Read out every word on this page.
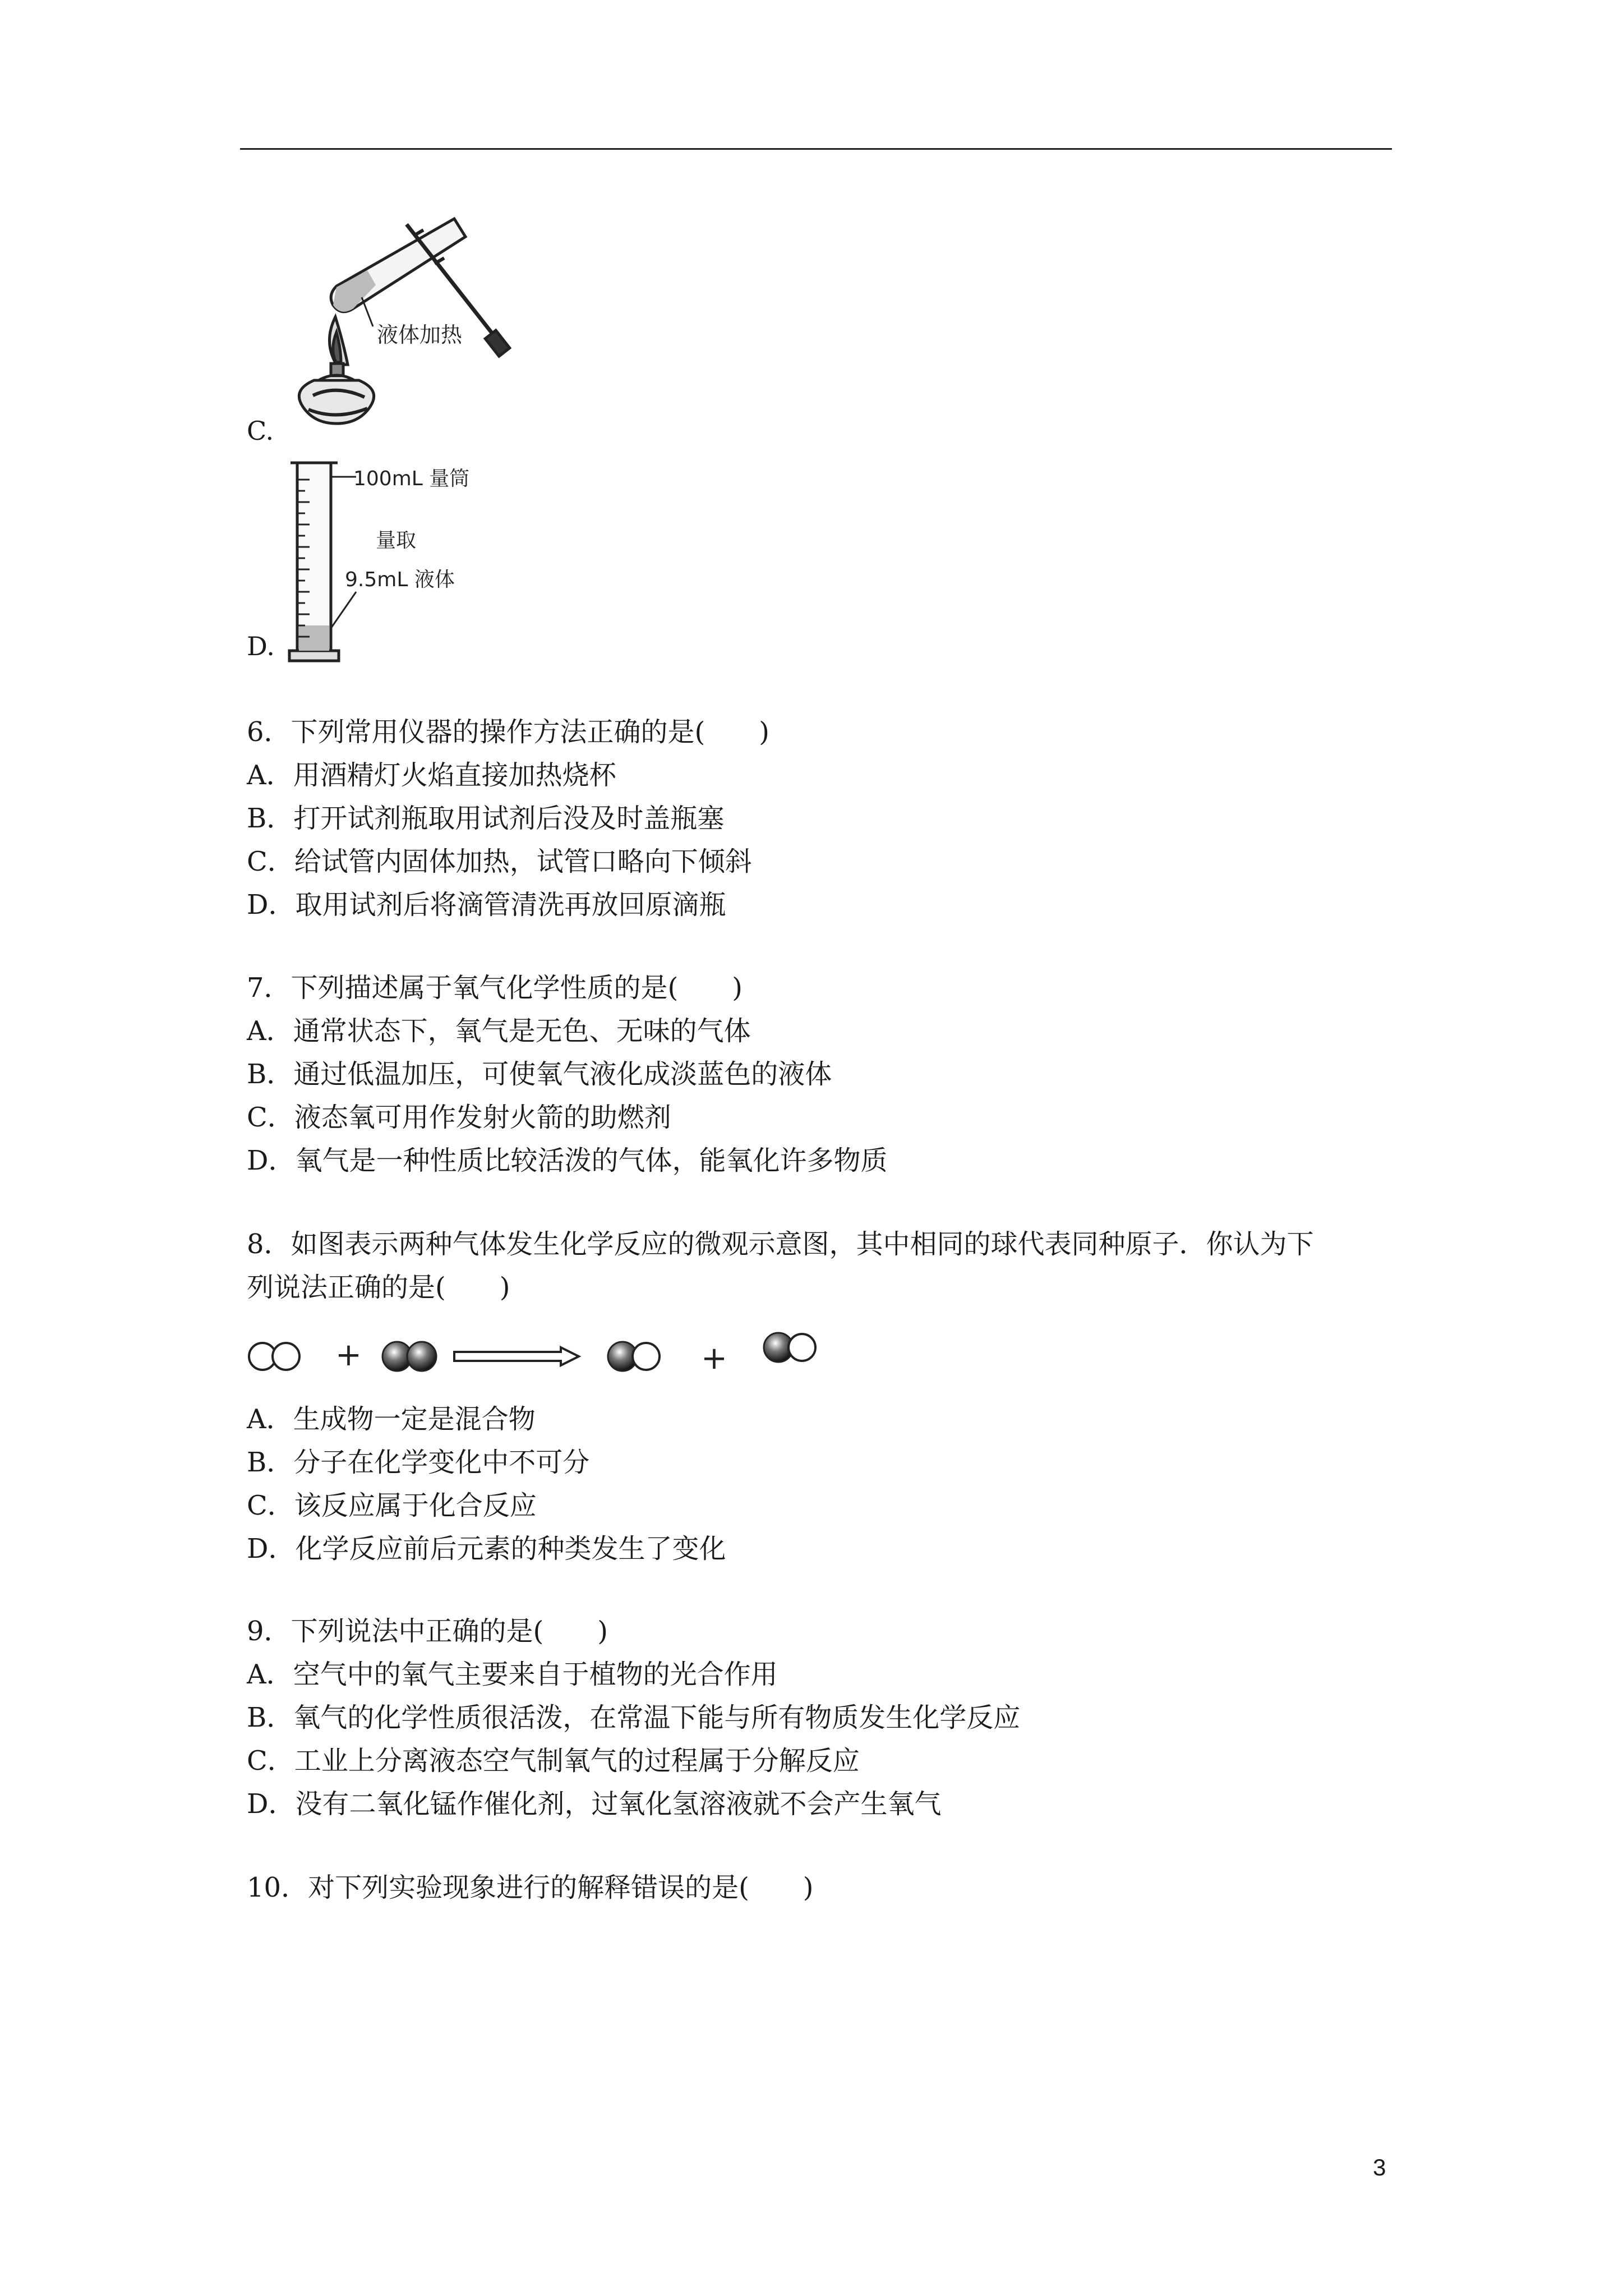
液体加热
C.
100mL 量筒
量取
9.5mL 液体
D.
6．下列常用仪器的操作方法正确的是(　　)
A．用酒精灯火焰直接加热烧杯
B．打开试剂瓶取用试剂后没及时盖瓶塞
C．给试管内固体加热，试管口略向下倾斜
D．取用试剂后将滴管清洗再放回原滴瓶
7．下列描述属于氧气化学性质的是(　　)
A．通常状态下，氧气是无色、无味的气体
B．通过低温加压，可使氧气液化成淡蓝色的液体
C．液态氧可用作发射火箭的助燃剂
D．氧气是一种性质比较活泼的气体，能氧化许多物质
8．如图表示两种气体发生化学反应的微观示意图，其中相同的球代表同种原子．你认为下
列说法正确的是(　　)
+	+
A．生成物一定是混合物
B．分子在化学变化中不可分
C．该反应属于化合反应
D．化学反应前后元素的种类发生了变化
9．下列说法中正确的是(　　)
A．空气中的氧气主要来自于植物的光合作用
B．氧气的化学性质很活泼，在常温下能与所有物质发生化学反应
C．工业上分离液态空气制氧气的过程属于分解反应
D．没有二氧化锰作催化剂，过氧化氢溶液就不会产生氧气
10．对下列实验现象进行的解释错误的是(　　)
3
